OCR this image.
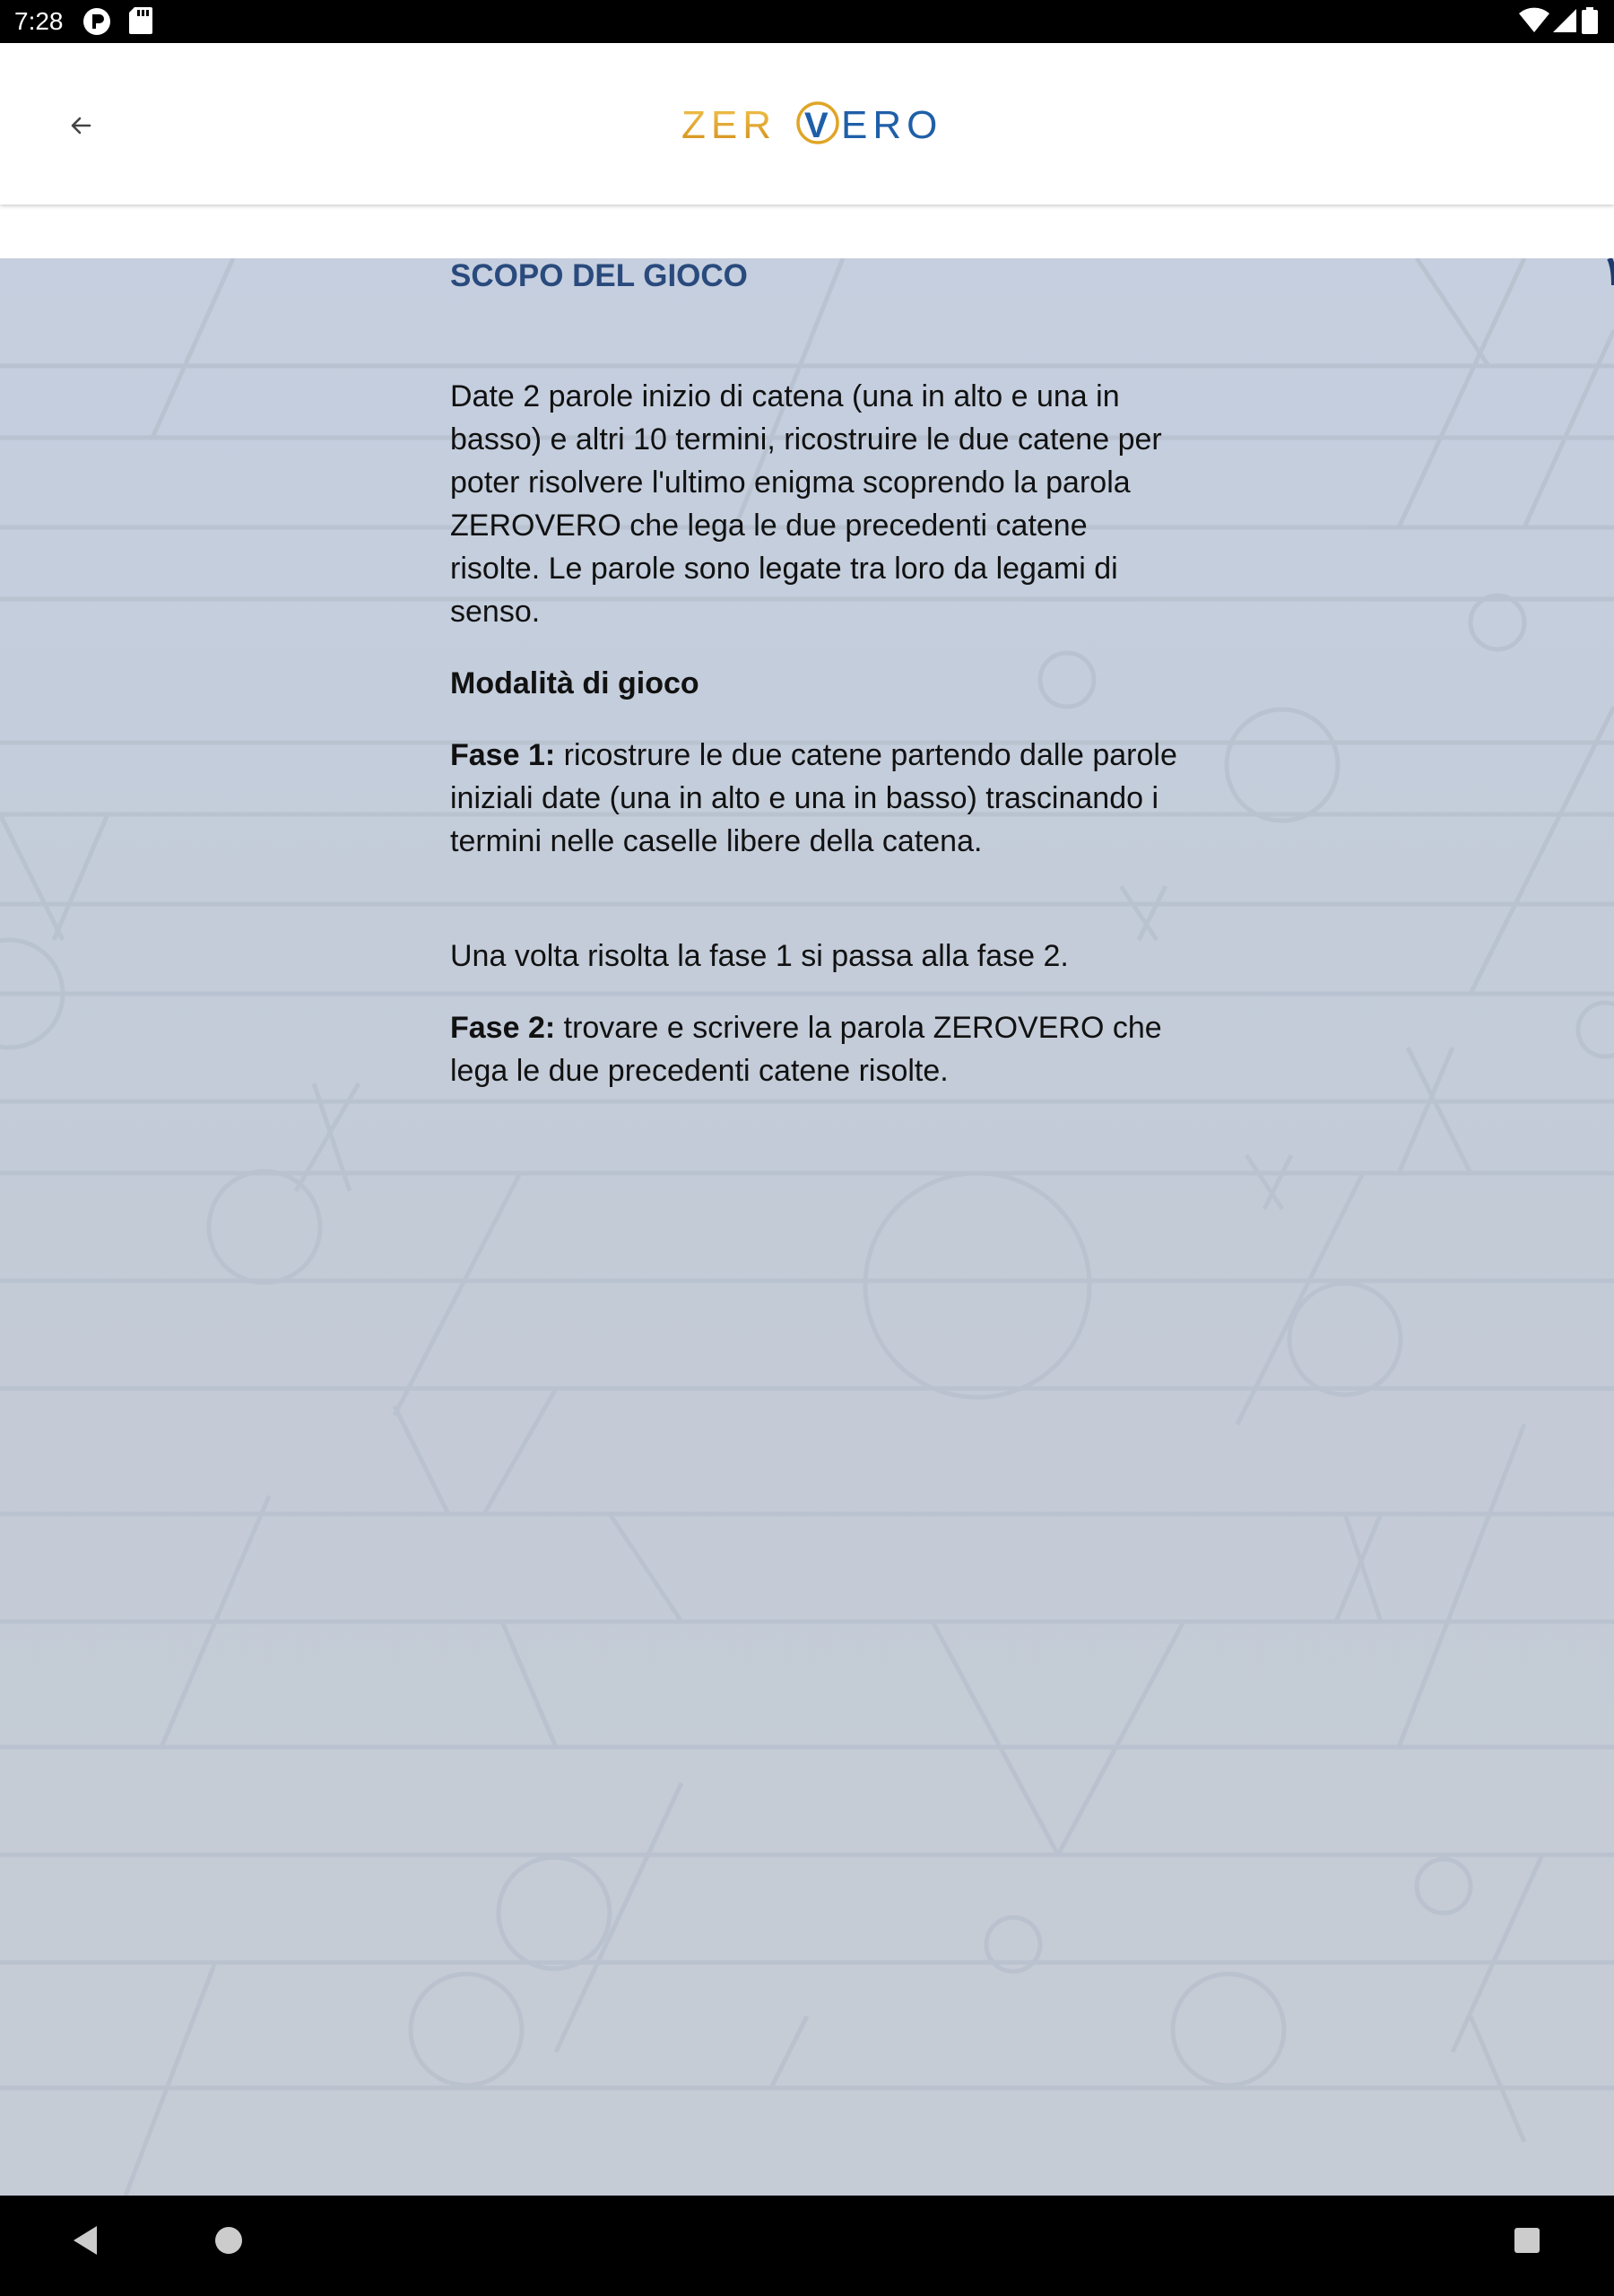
7:28
ZER V ERO
SCOPO DEL GIOCO

Date 2 parole inizio di catena (una in alto e una in basso) e altri 10 termini, ricostruire le due catene per poter risolvere l'ultimo enigma scoprendo la parola ZEROVERO che lega le due precedenti catene risolte. Le parole sono legate tra loro da legami di senso.

Modalità di gioco

Fase 1: ricostrure le due catene partendo dalle parole iniziali date (una in alto e una in basso) trascinando i termini nelle caselle libere della catena.

Una volta risolta la fase 1 si passa alla fase 2.

Fase 2: trovare e scrivere la parola ZEROVERO che lega le due precedenti catene risolte.
